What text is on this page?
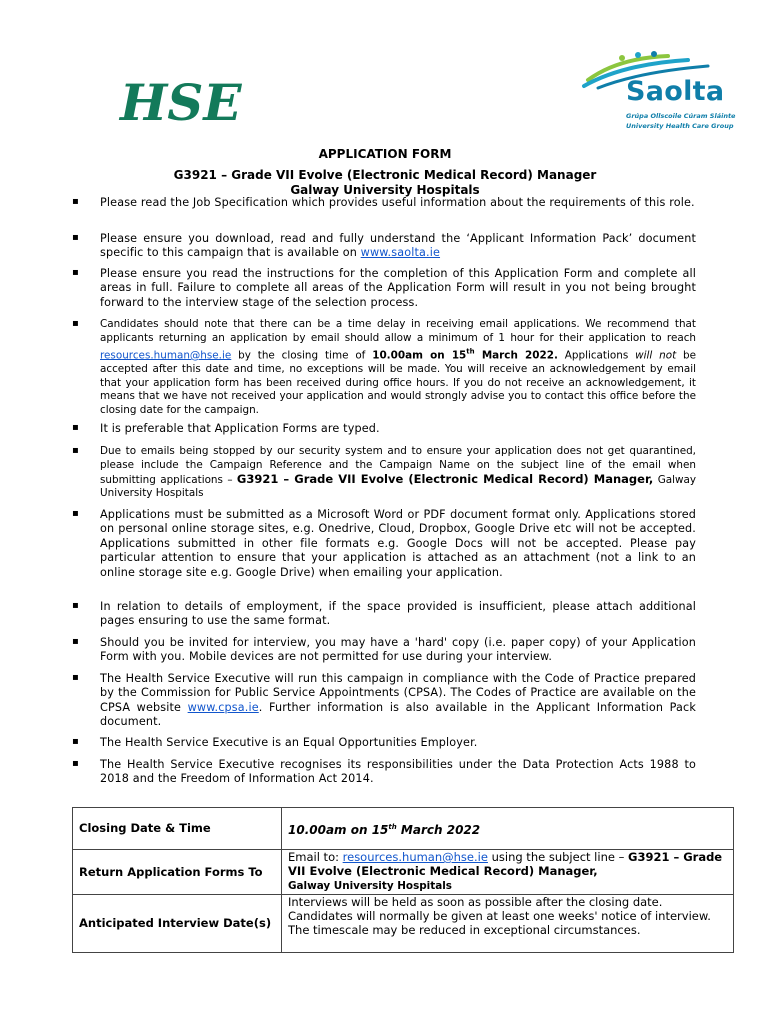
HSE	Saolta
Grúpa Ollscoile Cúram Sláinte
University Health Care Group
APPLICATION FORM
G3921 – Grade VII Evolve (Electronic Medical Record) Manager
Galway University Hospitals
▪ Please read the Job Specification which provides useful information about the requirements of this role.
▪ Please ensure you download, read and fully understand the ‘Applicant Information Pack’ document specific to this campaign that is available on www.saolta.ie
▪ Please ensure you read the instructions for the completion of this Application Form and complete all areas in full. Failure to complete all areas of the Application Form will result in you not being brought forward to the interview stage of the selection process.
▪ Candidates should note that there can be a time delay in receiving email applications. We recommend that applicants returning an application by email should allow a minimum of 1 hour for their application to reach resources.human@hse.ie by the closing time of 10.00am on 15th March 2022. Applications will not be accepted after this date and time, no exceptions will be made. You will receive an acknowledgement by email that your application form has been received during office hours. If you do not receive an acknowledgement, it means that we have not received your application and would strongly advise you to contact this office before the closing date for the campaign.
▪ It is preferable that Application Forms are typed.
▪ Due to emails being stopped by our security system and to ensure your application does not get quarantined, please include the Campaign Reference and the Campaign Name on the subject line of the email when submitting applications – G3921 – Grade VII Evolve (Electronic Medical Record) Manager, Galway University Hospitals
▪ Applications must be submitted as a Microsoft Word or PDF document format only. Applications stored on personal online storage sites, e.g. Onedrive, Cloud, Dropbox, Google Drive etc will not be accepted. Applications submitted in other file formats e.g. Google Docs will not be accepted. Please pay particular attention to ensure that your application is attached as an attachment (not a link to an online storage site e.g. Google Drive) when emailing your application.
▪ In relation to details of employment, if the space provided is insufficient, please attach additional pages ensuring to use the same format.
▪ Should you be invited for interview, you may have a 'hard' copy (i.e. paper copy) of your Application Form with you. Mobile devices are not permitted for use during your interview.
▪ The Health Service Executive will run this campaign in compliance with the Code of Practice prepared by the Commission for Public Service Appointments (CPSA). The Codes of Practice are available on the CPSA website www.cpsa.ie. Further information is also available in the Applicant Information Pack document.
▪ The Health Service Executive is an Equal Opportunities Employer.
▪ The Health Service Executive recognises its responsibilities under the Data Protection Acts 1988 to 2018 and the Freedom of Information Act 2014.
Closing Date & Time	10.00am on 15th March 2022
Return Application Forms To	Email to: resources.human@hse.ie using the subject line – G3921 – Grade VII Evolve (Electronic Medical Record) Manager,
Galway University Hospitals
Anticipated Interview Date(s)	Interviews will be held as soon as possible after the closing date. Candidates will normally be given at least one weeks' notice of interview. The timescale may be reduced in exceptional circumstances.
